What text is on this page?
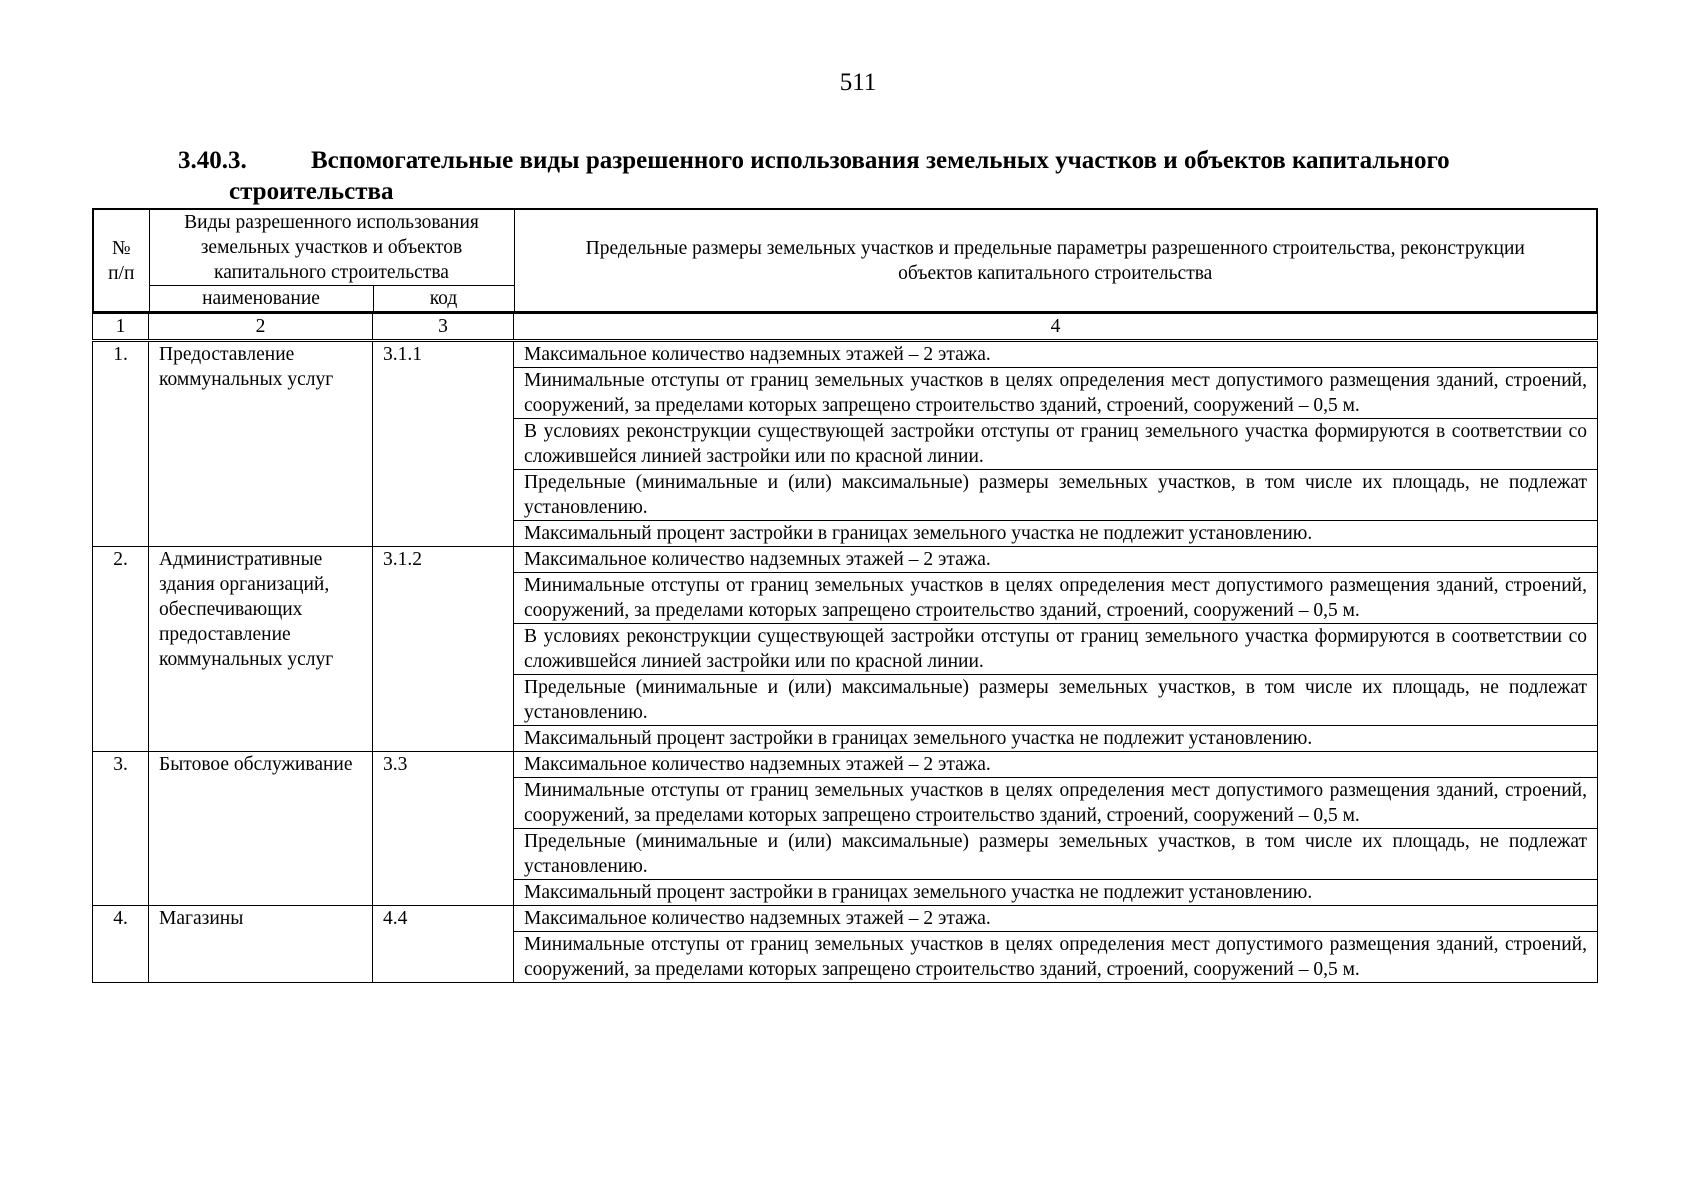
511
3.40.3.	Вспомогательные виды разрешенного использования земельных участков и объектов капитального
строительства
№ п/п	Виды разрешенного использования земельных участков и объектов капитального строительства		Предельные размеры земельных участков и предельные параметры разрешенного строительства, реконструкции объектов капитального строительства
	наименование	код	
1	2	3	4
1.	Предоставление коммунальных услуг	3.1.1	Максимальное количество надземных этажей – 2 этажа.
			Минимальные отступы от границ земельных участков в целях определения мест допустимого размещения зданий, строений, сооружений, за пределами которых запрещено строительство зданий, строений, сооружений – 0,5 м.
			В условиях реконструкции существующей застройки отступы от границ земельного участка формируются в соответствии со сложившейся линией застройки или по красной линии.
			Предельные (минимальные и (или) максимальные) размеры земельных участков, в том числе их площадь, не подлежат установлению.
			Максимальный процент застройки в границах земельного участка не подлежит установлению.
2.	Административные здания организаций, обеспечивающих предоставление коммунальных услуг	3.1.2	Максимальное количество надземных этажей – 2 этажа.
			Минимальные отступы от границ земельных участков в целях определения мест допустимого размещения зданий, строений, сооружений, за пределами которых запрещено строительство зданий, строений, сооружений – 0,5 м.
			В условиях реконструкции существующей застройки отступы от границ земельного участка формируются в соответствии со сложившейся линией застройки или по красной линии.
			Предельные (минимальные и (или) максимальные) размеры земельных участков, в том числе их площадь, не подлежат установлению.
			Максимальный процент застройки в границах земельного участка не подлежит установлению.
3.	Бытовое обслуживание	3.3	Максимальное количество надземных этажей – 2 этажа.
			Минимальные отступы от границ земельных участков в целях определения мест допустимого размещения зданий, строений, сооружений, за пределами которых запрещено строительство зданий, строений, сооружений – 0,5 м.
			Предельные (минимальные и (или) максимальные) размеры земельных участков, в том числе их площадь, не подлежат установлению.
			Максимальный процент застройки в границах земельного участка не подлежит установлению.
4.	Магазины	4.4	Максимальное количество надземных этажей – 2 этажа.
			Минимальные отступы от границ земельных участков в целях определения мест допустимого размещения зданий, строений, сооружений, за пределами которых запрещено строительство зданий, строений, сооружений – 0,5 м.
